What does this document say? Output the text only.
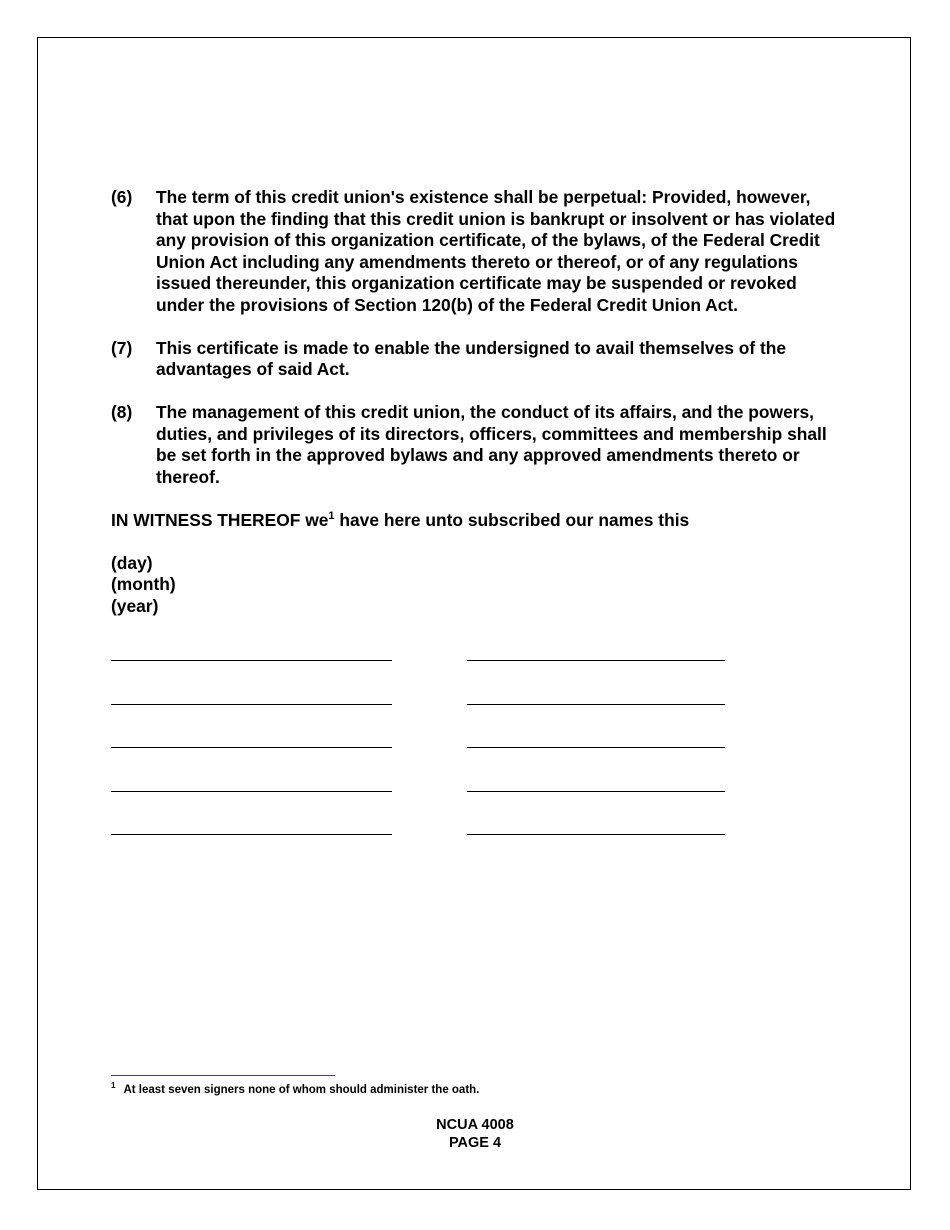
(6)	The term of this credit union's existence shall be perpetual: Provided, however, that upon the finding that this credit union is bankrupt or insolvent or has violated any provision of this organization certificate, of the bylaws, of the Federal Credit Union Act including any amendments thereto or thereof, or of any regulations issued thereunder, this organization certificate may be suspended or revoked under the provisions of Section 120(b) of the Federal Credit Union Act.
(7)	This certificate is made to enable the undersigned to avail themselves of the advantages of said Act.
(8)	The management of this credit union, the conduct of its affairs, and the powers, duties, and privileges of its directors, officers, committees and membership shall be set forth in the approved bylaws and any approved amendments thereto or thereof.
IN WITNESS THEREOF $we^1$ have here unto subscribed our names this
(day)
(month)
(year)
$^1$ At least seven signers none of whom should administer the oath.
NCUA 4008
PAGE 4
